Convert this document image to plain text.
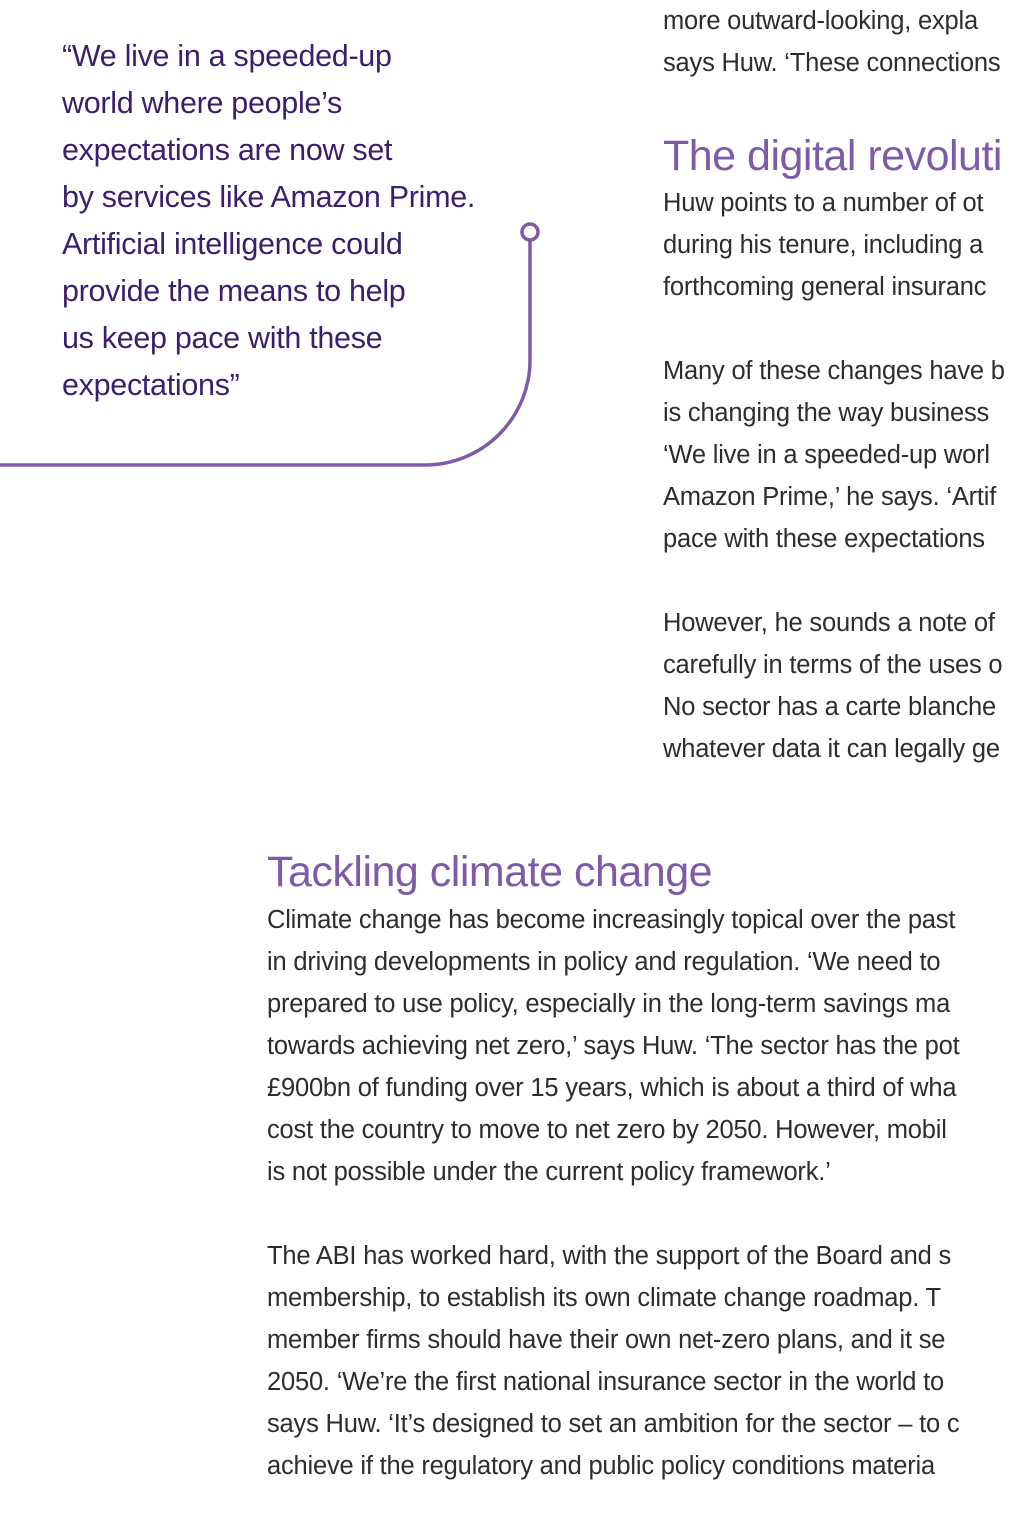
“We live in a speeded-up
world where people’s
expectations are now set
by services like Amazon Prime.
Artificial intelligence could
provide the means to help
us keep pace with these
expectations”
more outward-looking, expla
says Huw. ‘These connections
The digital revoluti
Huw points to a number of ot
during his tenure, including a
forthcoming general insuranc
Many of these changes have b
is changing the way business
‘We live in a speeded-up worl
Amazon Prime,’ he says. ‘Artif
pace with these expectations
However, he sounds a note of
carefully in terms of the uses o
No sector has a carte blanche
whatever data it can legally ge
Tackling climate change
Climate change has become increasingly topical over the past
in driving developments in policy and regulation. ‘We need to
prepared to use policy, especially in the long-term savings ma
towards achieving net zero,’ says Huw. ‘The sector has the pot
£900bn of funding over 15 years, which is about a third of wha
cost the country to move to net zero by 2050. However, mobil
is not possible under the current policy framework.’
The ABI has worked hard, with the support of the Board and s
membership, to establish its own climate change roadmap. T
member firms should have their own net-zero plans, and it se
2050. ‘We’re the first national insurance sector in the world to
says Huw. ‘It’s designed to set an ambition for the sector – to c
achieve if the regulatory and public policy conditions materia
